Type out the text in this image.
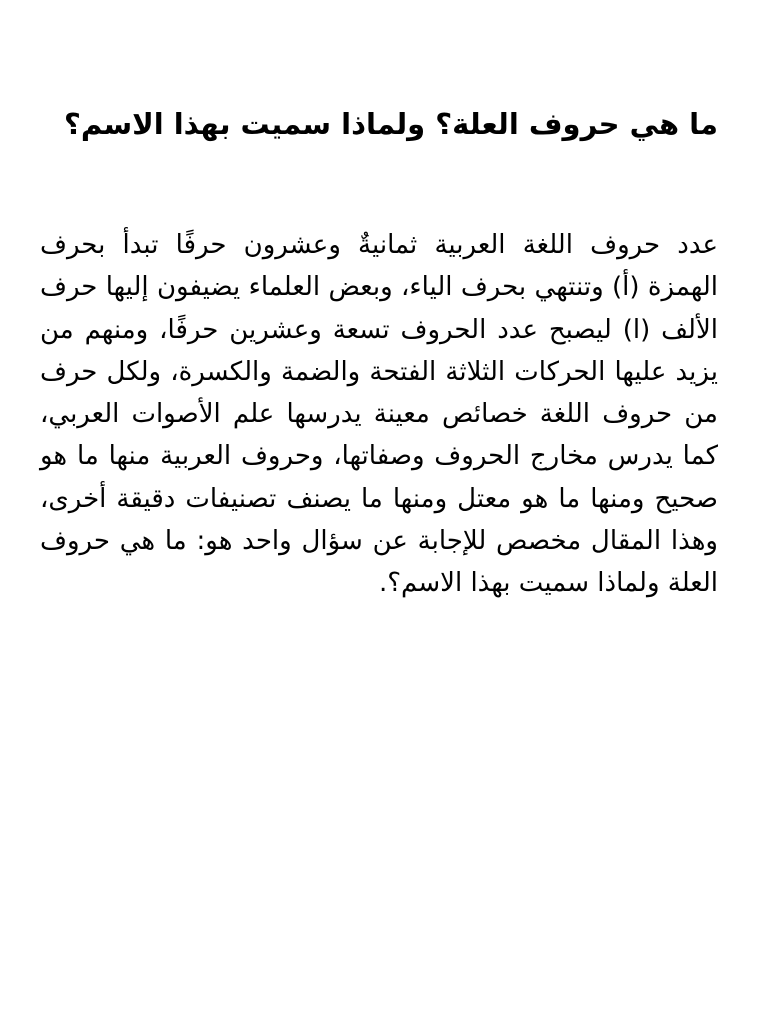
ما هي حروف العلة؟ ولماذا سميت بهذا الاسم؟

عدد حروف اللغة العربية ثمانيةٌ وعشرون حرفًا تبدأ بحرف الهمزة (أ) وتنتهي بحرف الياء، وبعض العلماء يضيفون إليها حرف الألف (ا) ليصبح عدد الحروف تسعة وعشرين حرفًا، ومنهم من يزيد عليها الحركات الثلاثة الفتحة والضمة والكسرة، ولكل حرف من حروف اللغة خصائص معينة يدرسها علم الأصوات العربي، كما يدرس مخارج الحروف وصفاتها، وحروف العربية منها ما هو صحيح ومنها ما هو معتل ومنها ما يصنف تصنيفات دقيقة أخرى، وهذا المقال مخصص للإجابة عن سؤال واحد هو: ما هي حروف العلة ولماذا سميت بهذا الاسم؟.
